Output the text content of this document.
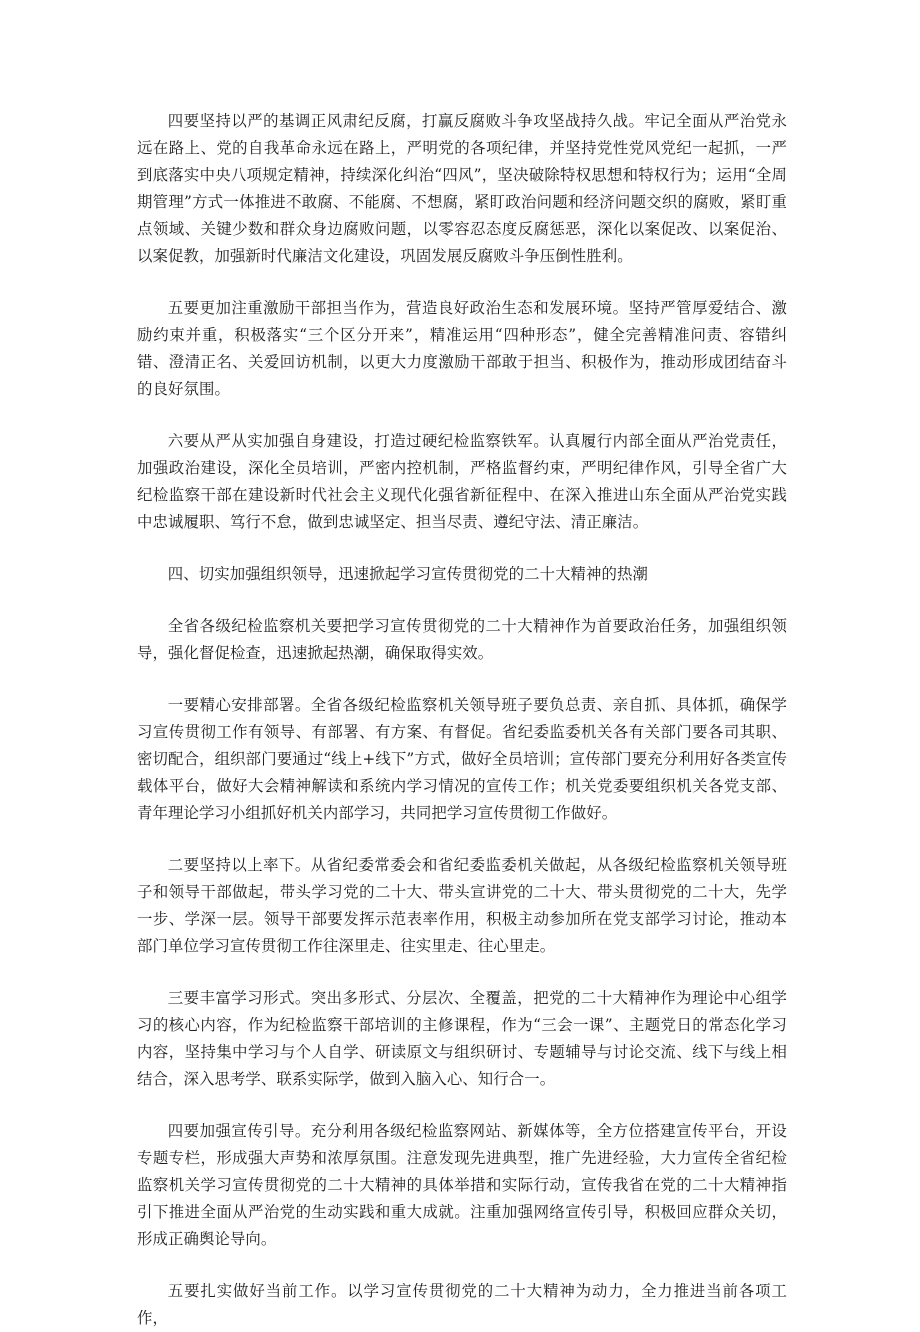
四要坚持以严的基调正风肃纪反腐，打赢反腐败斗争攻坚战持久战。牢记全面从严治党永远在路上、党的自我革命永远在路上，严明党的各项纪律，并坚持党性党风党纪一起抓，一严到底落实中央八项规定精神，持续深化纠治“四风”，坚决破除特权思想和特权行为；运用“全周期管理”方式一体推进不敢腐、不能腐、不想腐，紧盯政治问题和经济问题交织的腐败，紧盯重点领域、关键少数和群众身边腐败问题，以零容忍态度反腐惩恶，深化以案促改、以案促治、以案促教，加强新时代廉洁文化建设，巩固发展反腐败斗争压倒性胜利。

五要更加注重激励干部担当作为，营造良好政治生态和发展环境。坚持严管厚爱结合、激励约束并重，积极落实“三个区分开来”，精准运用“四种形态”，健全完善精准问责、容错纠错、澄清正名、关爱回访机制，以更大力度激励干部敢于担当、积极作为，推动形成团结奋斗的良好氛围。

六要从严从实加强自身建设，打造过硬纪检监察铁军。认真履行内部全面从严治党责任，加强政治建设，深化全员培训，严密内控机制，严格监督约束，严明纪律作风，引导全省广大纪检监察干部在建设新时代社会主义现代化强省新征程中、在深入推进山东全面从严治党实践中忠诚履职、笃行不怠，做到忠诚坚定、担当尽责、遵纪守法、清正廉洁。

四、切实加强组织领导，迅速掀起学习宣传贯彻党的二十大精神的热潮

全省各级纪检监察机关要把学习宣传贯彻党的二十大精神作为首要政治任务，加强组织领导，强化督促检查，迅速掀起热潮，确保取得实效。

一要精心安排部署。全省各级纪检监察机关领导班子要负总责、亲自抓、具体抓，确保学习宣传贯彻工作有领导、有部署、有方案、有督促。省纪委监委机关各有关部门要各司其职、密切配合，组织部门要通过“线上+线下”方式，做好全员培训；宣传部门要充分利用好各类宣传载体平台，做好大会精神解读和系统内学习情况的宣传工作；机关党委要组织机关各党支部、青年理论学习小组抓好机关内部学习，共同把学习宣传贯彻工作做好。

二要坚持以上率下。从省纪委常委会和省纪委监委机关做起，从各级纪检监察机关领导班子和领导干部做起，带头学习党的二十大、带头宣讲党的二十大、带头贯彻党的二十大，先学一步、学深一层。领导干部要发挥示范表率作用，积极主动参加所在党支部学习讨论，推动本部门单位学习宣传贯彻工作往深里走、往实里走、往心里走。

三要丰富学习形式。突出多形式、分层次、全覆盖，把党的二十大精神作为理论中心组学习的核心内容，作为纪检监察干部培训的主修课程，作为“三会一课”、主题党日的常态化学习内容，坚持集中学习与个人自学、研读原文与组织研讨、专题辅导与讨论交流、线下与线上相结合，深入思考学、联系实际学，做到入脑入心、知行合一。

四要加强宣传引导。充分利用各级纪检监察网站、新媒体等，全方位搭建宣传平台，开设专题专栏，形成强大声势和浓厚氛围。注意发现先进典型，推广先进经验，大力宣传全省纪检监察机关学习宣传贯彻党的二十大精神的具体举措和实际行动，宣传我省在党的二十大精神指引下推进全面从严治党的生动实践和重大成就。注重加强网络宣传引导，积极回应群众关切，形成正确舆论导向。

五要扎实做好当前工作。以学习宣传贯彻党的二十大精神为动力，全力推进当前各项工作，
